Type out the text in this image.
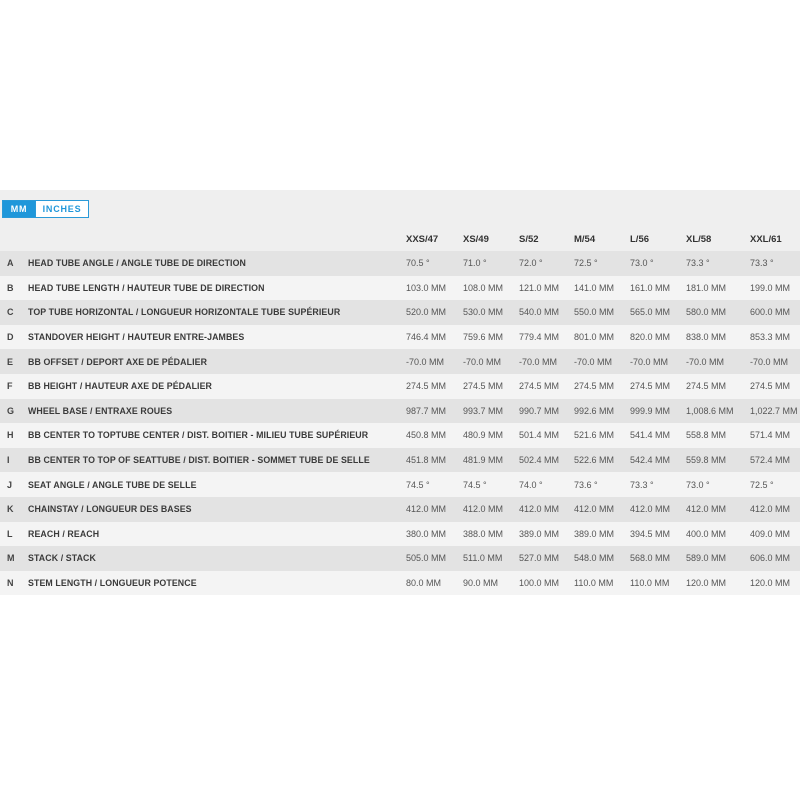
MM	INCHES
		XXS/47	XS/49	S/52	M/54	L/56	XL/58	XXL/61
A	HEAD TUBE ANGLE / ANGLE TUBE DE DIRECTION	70.5 °	71.0 °	72.0 °	72.5 °	73.0 °	73.3 °	73.3 °
B	HEAD TUBE LENGTH / HAUTEUR TUBE DE DIRECTION	103.0 MM	108.0 MM	121.0 MM	141.0 MM	161.0 MM	181.0 MM	199.0 MM
C	TOP TUBE HORIZONTAL / LONGUEUR HORIZONTALE TUBE SUPÉRIEUR	520.0 MM	530.0 MM	540.0 MM	550.0 MM	565.0 MM	580.0 MM	600.0 MM
D	STANDOVER HEIGHT / HAUTEUR ENTRE-JAMBES	746.4 MM	759.6 MM	779.4 MM	801.0 MM	820.0 MM	838.0 MM	853.3 MM
E	BB OFFSET / DEPORT AXE DE PÉDALIER	-70.0 MM	-70.0 MM	-70.0 MM	-70.0 MM	-70.0 MM	-70.0 MM	-70.0 MM
F	BB HEIGHT / HAUTEUR AXE DE PÉDALIER	274.5 MM	274.5 MM	274.5 MM	274.5 MM	274.5 MM	274.5 MM	274.5 MM
G	WHEEL BASE / ENTRAXE ROUES	987.7 MM	993.7 MM	990.7 MM	992.6 MM	999.9 MM	1,008.6 MM	1,022.7 MM
H	BB CENTER TO TOPTUBE CENTER / DIST. BOITIER - MILIEU TUBE SUPÉRIEUR	450.8 MM	480.9 MM	501.4 MM	521.6 MM	541.4 MM	558.8 MM	571.4 MM
I	BB CENTER TO TOP OF SEATTUBE / DIST. BOITIER - SOMMET TUBE DE SELLE	451.8 MM	481.9 MM	502.4 MM	522.6 MM	542.4 MM	559.8 MM	572.4 MM
J	SEAT ANGLE / ANGLE TUBE DE SELLE	74.5 °	74.5 °	74.0 °	73.6 °	73.3 °	73.0 °	72.5 °
K	CHAINSTAY / LONGUEUR DES BASES	412.0 MM	412.0 MM	412.0 MM	412.0 MM	412.0 MM	412.0 MM	412.0 MM
L	REACH / REACH	380.0 MM	388.0 MM	389.0 MM	389.0 MM	394.5 MM	400.0 MM	409.0 MM
M	STACK / STACK	505.0 MM	511.0 MM	527.0 MM	548.0 MM	568.0 MM	589.0 MM	606.0 MM
N	STEM LENGTH / LONGUEUR POTENCE	80.0 MM	90.0 MM	100.0 MM	110.0 MM	110.0 MM	120.0 MM	120.0 MM
